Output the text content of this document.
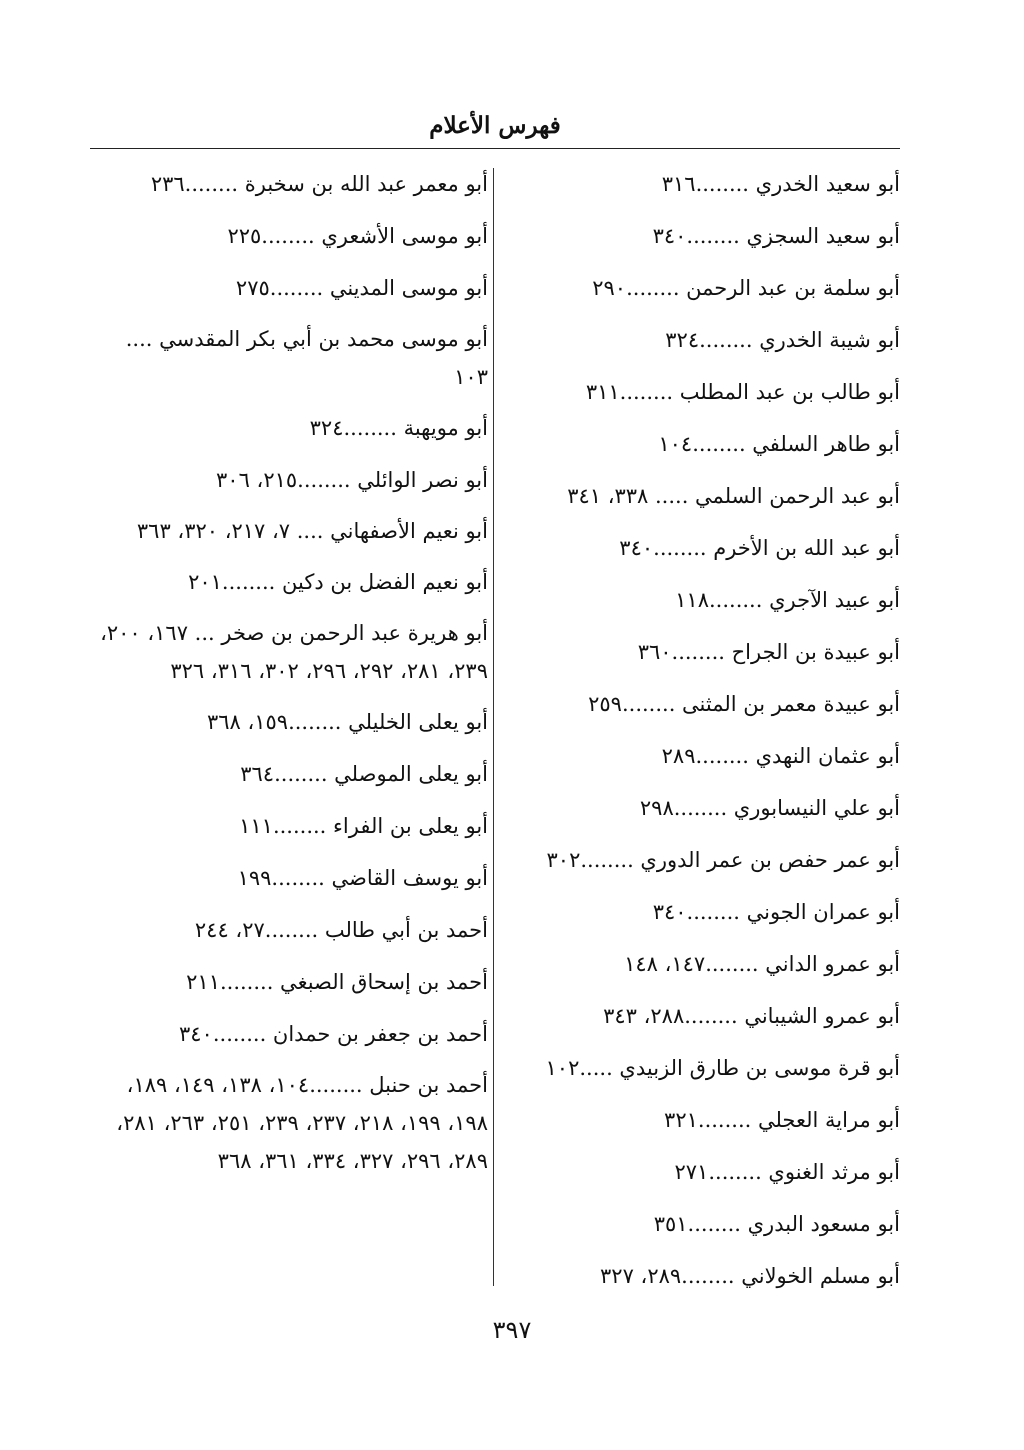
فهرس الأعلام
أبو سعيد الخدري ........٣١٦
أبو سعيد السجزي ........٣٤٠
أبو سلمة بن عبد الرحمن ........٢٩٠
أبو شيبة الخدري ........٣٢٤
أبو طالب بن عبد المطلب ........٣١١
أبو طاهر السلفي ........١٠٤
أبو عبد الرحمن السلمي ..... ٣٣٨، ٣٤١
أبو عبد الله بن الأخرم ........٣٤٠
أبو عبيد الآجري ........١١٨
أبو عبيدة بن الجراح ........٣٦٠
أبو عبيدة معمر بن المثنى ........٢٥٩
أبو عثمان النهدي ........٢٨٩
أبو علي النيسابوري ........٢٩٨
أبو عمر حفص بن عمر الدوري ........٣٠٢
أبو عمران الجوني ........٣٤٠
أبو عمرو الداني ........١٤٧، ١٤٨
أبو عمرو الشيباني ........٢٨٨، ٣٤٣
أبو قرة موسى بن طارق الزبيدي .....١٠٢
أبو مراية العجلي ........٣٢١
أبو مرثد الغنوي ........٢٧١
أبو مسعود البدري ........٣٥١
أبو مسلم الخولاني ........٢٨٩، ٣٢٧
أبو معمر عبد الله بن سخبرة ........٢٣٦
أبو موسى الأشعري ........٢٢٥
أبو موسى المديني ........٢٧٥
أبو موسى محمد بن أبي بكر المقدسي .... ١٠٣
أبو مويهبة ........٣٢٤
أبو نصر الوائلي ........٢١٥، ٣٠٦
أبو نعيم الأصفهاني .... ٧، ٢١٧، ٣٢٠، ٣٦٣
أبو نعيم الفضل بن دكين ........٢٠١
أبو هريرة عبد الرحمن بن صخر ... ١٦٧، ٢٠٠، ٢٣٩، ٢٨١، ٢٩٢، ٢٩٦، ٣٠٢، ٣١٦، ٣٢٦
أبو يعلى الخليلي ........١٥٩، ٣٦٨
أبو يعلى الموصلي ........٣٦٤
أبو يعلى بن الفراء ........١١١
أبو يوسف القاضي ........١٩٩
أحمد بن أبي طالب ........٢٧، ٢٤٤
أحمد بن إسحاق الصبغي ........٢١١
أحمد بن جعفر بن حمدان ........٣٤٠
أحمد بن حنبل ........١٠٤، ١٣٨، ١٤٩، ١٨٩، ١٩٨، ١٩٩، ٢١٨، ٢٣٧، ٢٣٩، ٢٥١، ٢٦٣، ٢٨١، ٢٨٩، ٢٩٦، ٣٢٧، ٣٣٤، ٣٦١، ٣٦٨
٣٩٧
